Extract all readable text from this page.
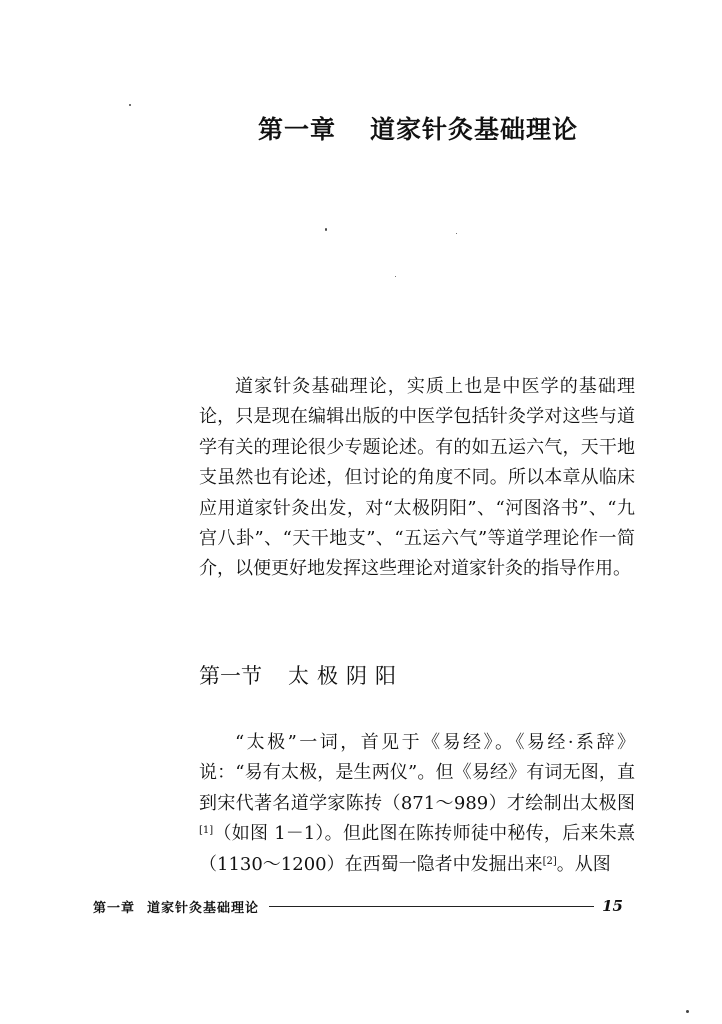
第一章 道家针灸基础理论

道家针灸基础理论，实质上也是中医学的基础理论，只是现在编辑出版的中医学包括针灸学对这些与道学有关的理论很少专题论述。有的如五运六气，天干地支虽然也有论述，但讨论的角度不同。所以本章从临床应用道家针灸出发，对“太极阴阳”、“河图洛书”、“九宫八卦”、“天干地支”、“五运六气”等道学理论作一简介，以便更好地发挥这些理论对道家针灸的指导作用。

第一节 太极阴阳

“太极”一词，首见于《易经》。《易经·系辞》说：“易有太极，是生两仪”。但《易经》有词无图，直到宋代著名道学家陈抟（871～989）才绘制出太极图[1]（如图 1－1）。但此图在陈抟师徒中秘传，后来朱熹（1130～1200）在西蜀一隐者中发掘出来[2]。从图

第一章 道家针灸基础理论	15
